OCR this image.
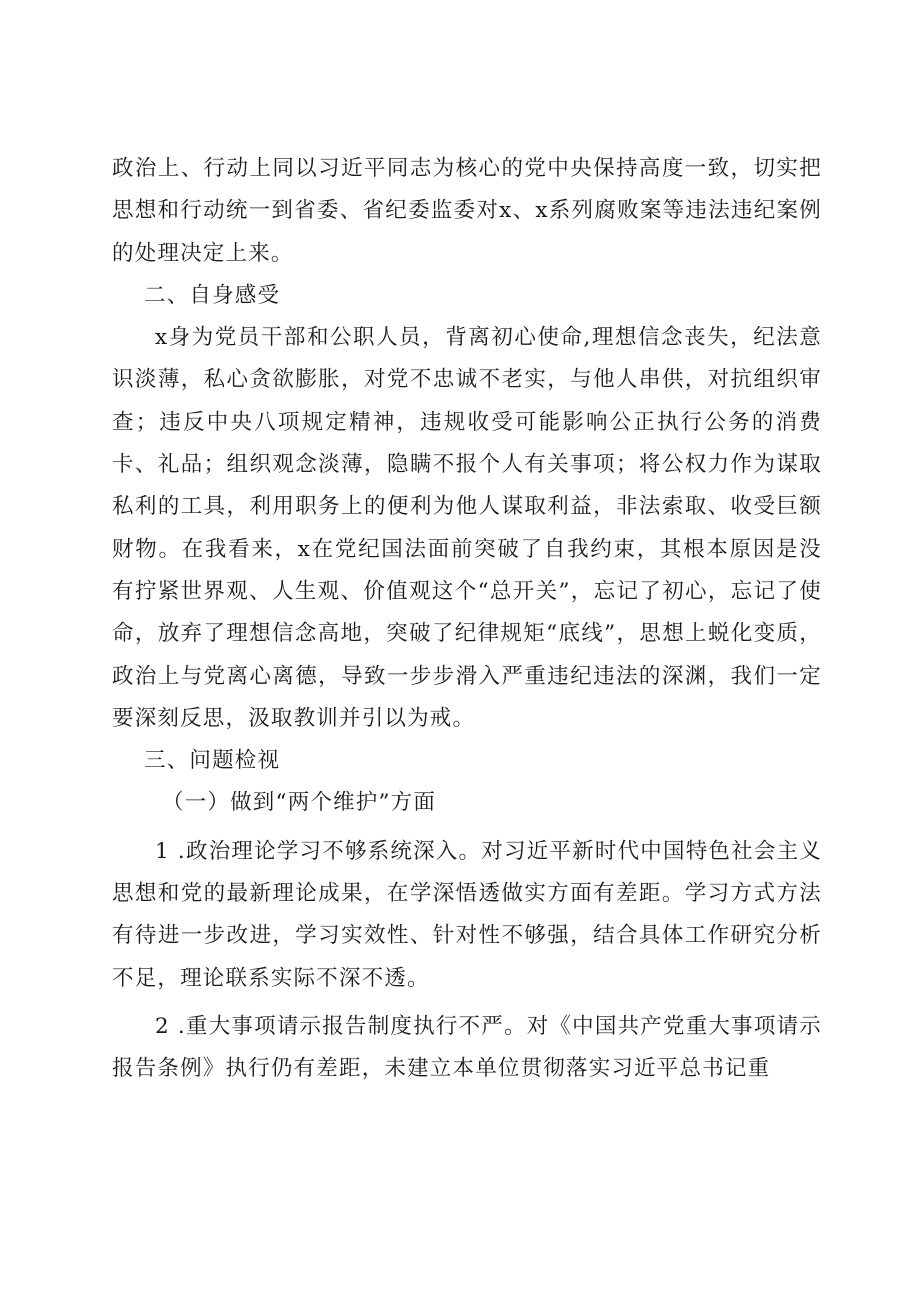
政治上、行动上同以习近平同志为核心的党中央保持高度一致，切实把思想和行动统一到省委、省纪委监委对x、x系列腐败案等违法违纪案例的处理决定上来。

二、自身感受

x身为党员干部和公职人员，背离初心使命,理想信念丧失，纪法意识淡薄，私心贪欲膨胀，对党不忠诚不老实，与他人串供，对抗组织审查；违反中央八项规定精神，违规收受可能影响公正执行公务的消费卡、礼品；组织观念淡薄，隐瞒不报个人有关事项；将公权力作为谋取私利的工具，利用职务上的便利为他人谋取利益，非法索取、收受巨额财物。在我看来，x在党纪国法面前突破了自我约束，其根本原因是没有拧紧世界观、人生观、价值观这个“总开关”，忘记了初心，忘记了使命，放弃了理想信念高地，突破了纪律规矩“底线”，思想上蜕化变质，政治上与党离心离德，导致一步步滑入严重违纪违法的深渊，我们一定要深刻反思，汲取教训并引以为戒。

三、问题检视

（一）做到“两个维护”方面

1 .政治理论学习不够系统深入。对习近平新时代中国特色社会主义思想和党的最新理论成果，在学深悟透做实方面有差距。学习方式方法有待进一步改进，学习实效性、针对性不够强，结合具体工作研究分析不足，理论联系实际不深不透。

2 .重大事项请示报告制度执行不严。对《中国共产党重大事项请示报告条例》执行仍有差距，未建立本单位贯彻落实习近平总书记重
